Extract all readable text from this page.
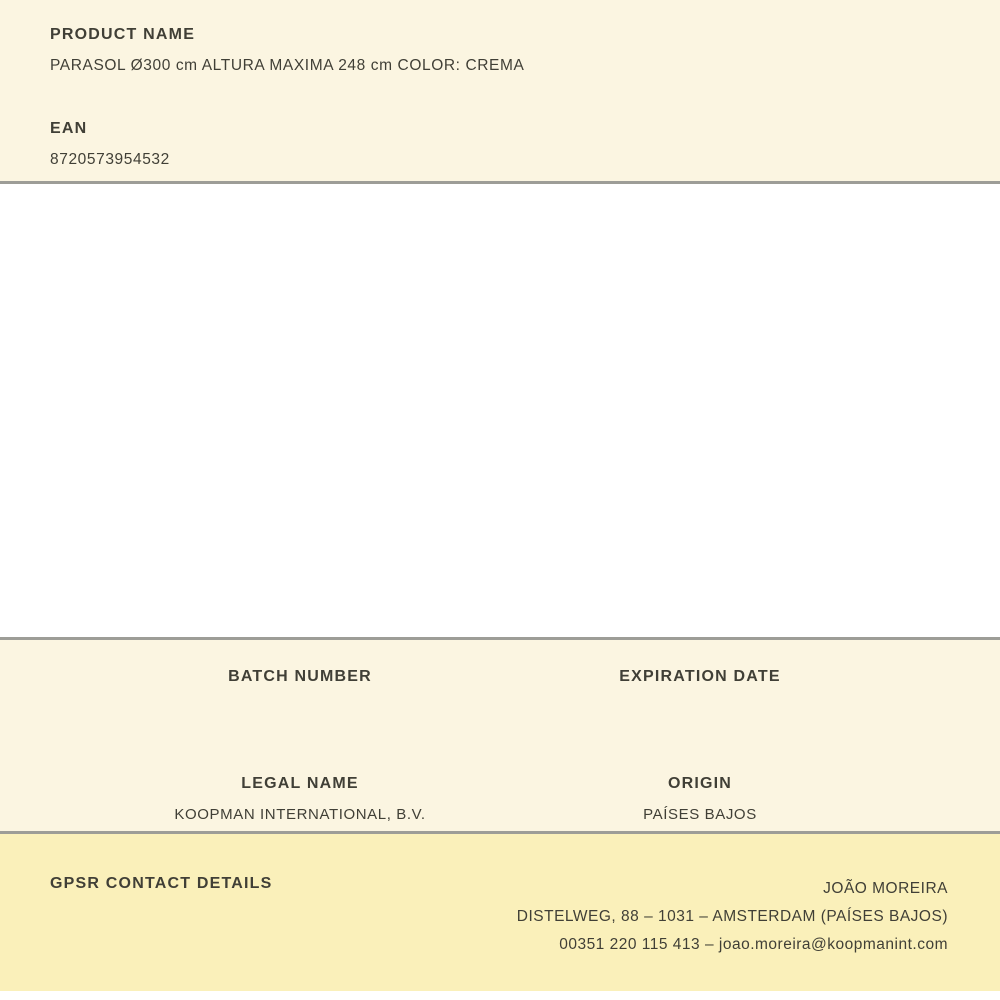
PRODUCT NAME
PARASOL Ø300 cm ALTURA MAXIMA 248 cm COLOR: CREMA
EAN
8720573954532
BATCH NUMBER	EXPIRATION DATE
LEGAL NAME
KOOPMAN INTERNATIONAL, B.V.
ORIGIN
PAÍSES BAJOS
GPSR CONTACT DETAILS	JOÃO MOREIRA
DISTELWEG, 88 – 1031 – AMSTERDAM (PAÍSES BAJOS)
00351 220 115 413 – joao.moreira@koopmanint.com
